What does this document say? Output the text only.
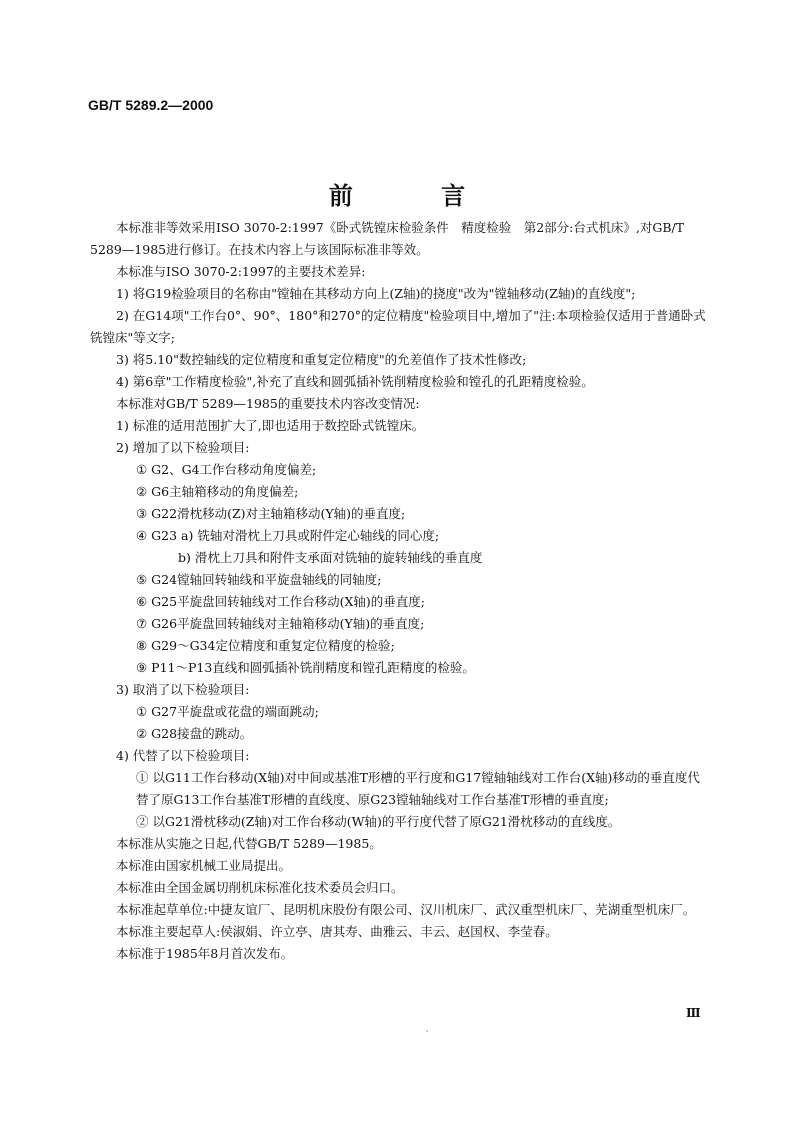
GB/T 5289.2—2000
前 言

本标准非等效采用ISO 3070-2:1997《卧式铣镗床检验条件　精度检验　第2部分:台式机床》,对GB/T 5289—1985进行修订。在技术内容上与该国际标准非等效。

本标准与ISO 3070-2:1997的主要技术差异:

1) 将G19检验项目的名称由"镗轴在其移动方向上(Z轴)的挠度"改为"镗轴移动(Z轴)的直线度";

2) 在G14项"工作台0°、90°、180°和270°的定位精度"检验项目中,增加了"注:本项检验仅适用于普通卧式铣镗床"等文字;

3) 将5.10"数控轴线的定位精度和重复定位精度"的允差值作了技术性修改;

4) 第6章"工作精度检验",补充了直线和圆弧插补铣削精度检验和镗孔的孔距精度检验。

本标准对GB/T 5289—1985的重要技术内容改变情况:

1) 标准的适用范围扩大了,即也适用于数控卧式铣镗床。

2) 增加了以下检验项目:

① G2、G4工作台移动角度偏差;

② G6主轴箱移动的角度偏差;

③ G22滑枕移动(Z)对主轴箱移动(Y轴)的垂直度;

④ G23 a) 铣轴对滑枕上刀具或附件定心轴线的同心度;

b) 滑枕上刀具和附件支承面对铣轴的旋转轴线的垂直度

⑤ G24镗轴回转轴线和平旋盘轴线的同轴度;

⑥ G25平旋盘回转轴线对工作台移动(X轴)的垂直度;

⑦ G26平旋盘回转轴线对主轴箱移动(Y轴)的垂直度;

⑧ G29～G34定位精度和重复定位精度的检验;

⑨ P11～P13直线和圆弧插补铣削精度和镗孔距精度的检验。

3) 取消了以下检验项目:

① G27平旋盘或花盘的端面跳动;

② G28接盘的跳动。

4) 代替了以下检验项目:

① 以G11工作台移动(X轴)对中间或基准T形槽的平行度和G17镗轴轴线对工作台(X轴)移动的垂直度代替了原G13工作台基准T形槽的直线度、原G23镗轴轴线对工作台基准T形槽的垂直度;

② 以G21滑枕移动(Z轴)对工作台移动(W轴)的平行度代替了原G21滑枕移动的直线度。

本标准从实施之日起,代替GB/T 5289—1985。

本标准由国家机械工业局提出。

本标准由全国金属切削机床标准化技术委员会归口。

本标准起草单位:中捷友谊厂、昆明机床股份有限公司、汉川机床厂、武汉重型机床厂、芜湖重型机床厂。

本标准主要起草人:侯淑娟、许立亭、唐其寿、曲雅云、丰云、赵国权、李莹春。

本标准于1985年8月首次发布。

Ⅲ
